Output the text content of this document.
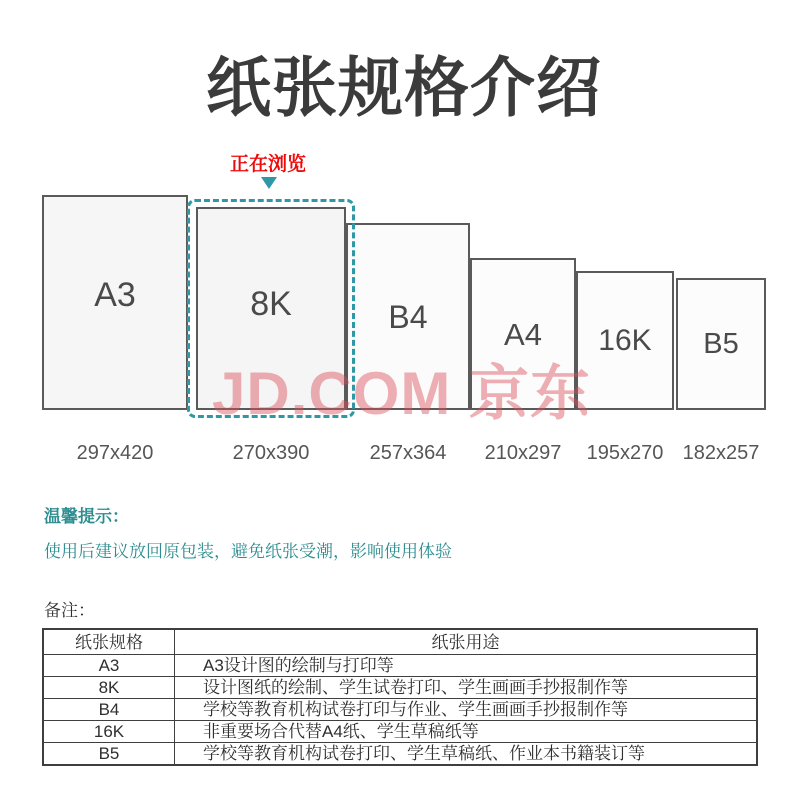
纸张规格介绍
正在浏览
A3	8K	B4 A4 16K B5
297x420	270x390	257x364 210x297 195x270 182x257
JD.COM 京东
温馨提示：
使用后建议放回原包装，避免纸张受潮，影响使用体验
备注：
纸张规格	纸张用途
A3	A3设计图的绘制与打印等
8K	设计图纸的绘制、学生试卷打印、学生画画手抄报制作等
B4	学校等教育机构试卷打印与作业、学生画画手抄报制作等
16K	非重要场合代替A4纸、学生草稿纸等
B5	学校等教育机构试卷打印、学生草稿纸、作业本书籍装订等
